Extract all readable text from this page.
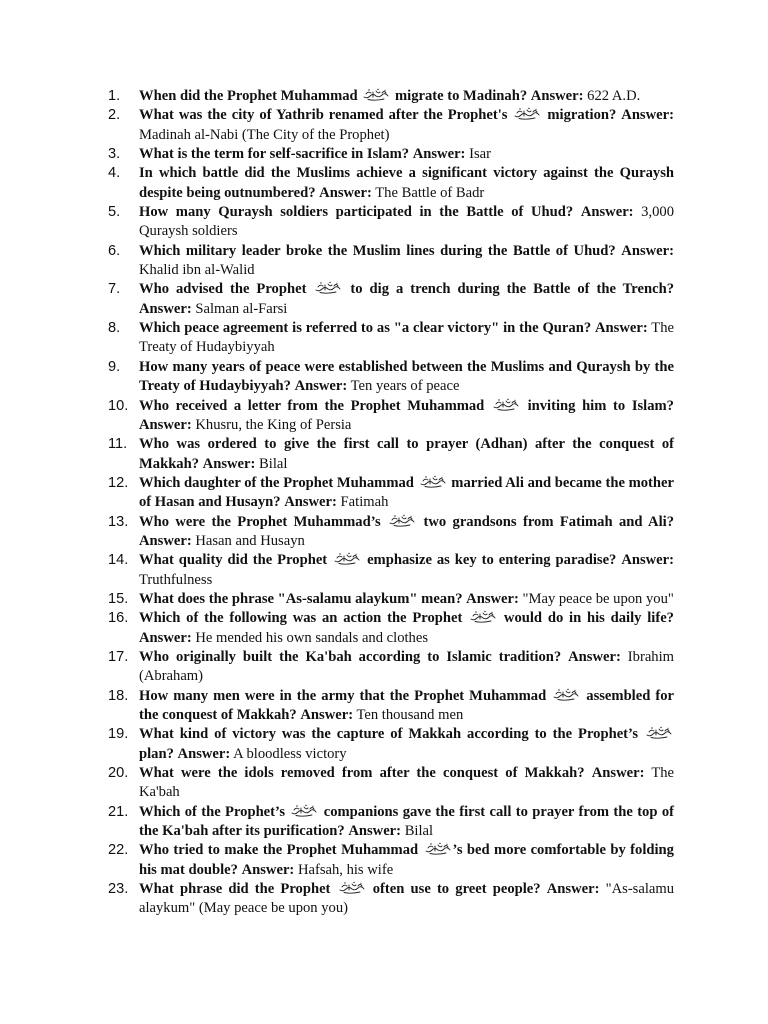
1. When did the Prophet Muhammad	migrate to Madinah? Answer: 622 A.D.
2. What was the city of Yathrib renamed after the Prophet's	migration? Answer: Madinah al-Nabi (The City of the Prophet)
3. What is the term for self-sacrifice in Islam? Answer: Isar
4. In which battle did the Muslims achieve a significant victory against the Quraysh despite being outnumbered? Answer: The Battle of Badr
5. How many Quraysh soldiers participated in the Battle of Uhud? Answer: 3,000 Quraysh soldiers
6. Which military leader broke the Muslim lines during the Battle of Uhud? Answer: Khalid ibn al-Walid
7. Who advised the Prophet	to dig a trench during the Battle of the Trench? Answer: Salman al-Farsi
8. Which peace agreement is referred to as "a clear victory" in the Quran? Answer: The Treaty of Hudaybiyyah
9. How many years of peace were established between the Muslims and Quraysh by the Treaty of Hudaybiyyah? Answer: Ten years of peace
10. Who received a letter from the Prophet Muhammad	inviting him to Islam? Answer: Khusru, the King of Persia
11. Who was ordered to give the first call to prayer (Adhan) after the conquest of Makkah? Answer: Bilal
12. Which daughter of the Prophet Muhammad	married Ali and became the mother of Hasan and Husayn? Answer: Fatimah
13. Who were the Prophet Muhammad’s	two grandsons from Fatimah and Ali? Answer: Hasan and Husayn
14. What quality did the Prophet	emphasize as key to entering paradise? Answer: Truthfulness
15. What does the phrase "As-salamu alaykum" mean? Answer: "May peace be upon you"
16. Which of the following was an action the Prophet	would do in his daily life? Answer: He mended his own sandals and clothes
17. Who originally built the Ka'bah according to Islamic tradition? Answer: Ibrahim (Abraham)
18. How many men were in the army that the Prophet Muhammad	assembled for the conquest of Makkah? Answer: Ten thousand men
19. What kind of victory was the capture of Makkah according to the Prophet’s
plan? Answer: A bloodless victory
20. What were the idols removed from after the conquest of Makkah? Answer: The Ka'bah
21. Which of the Prophet’s	companions gave the first call to prayer from the top of the Ka'bah after its purification? Answer: Bilal
22. Who tried to make the Prophet Muhammad ’s bed more comfortable by folding his mat double? Answer: Hafsah, his wife
23. What phrase did the Prophet	often use to greet people? Answer: "As-salamu alaykum" (May peace be upon you)
